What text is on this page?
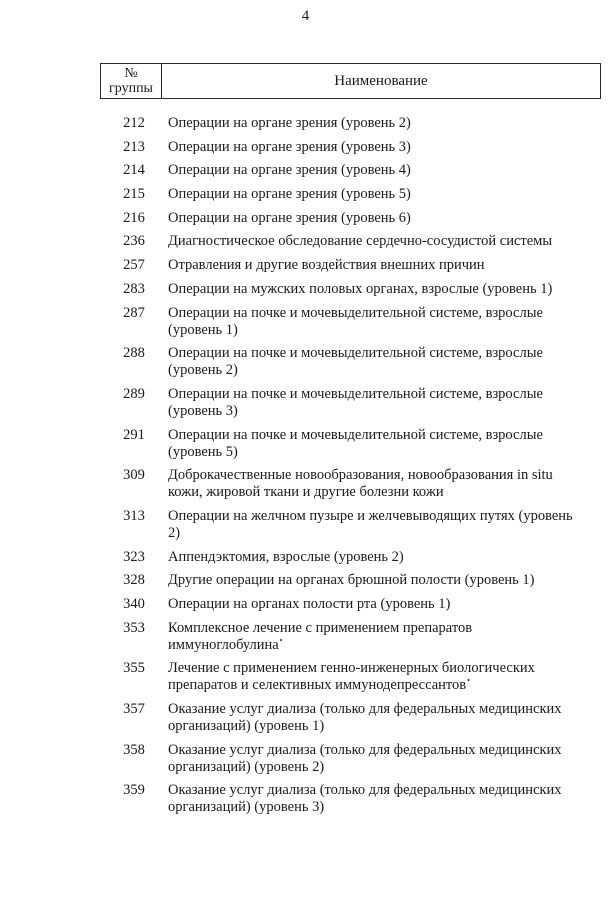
4
№
группы	Наименование
212	Операции на органе зрения (уровень 2)
213	Операции на органе зрения (уровень 3)
214	Операции на органе зрения (уровень 4)
215	Операции на органе зрения (уровень 5)
216	Операции на органе зрения (уровень 6)
236	Диагностическое обследование сердечно-сосудистой системы
257	Отравления и другие воздействия внешних причин
283	Операции на мужских половых органах, взрослые (уровень 1)
287	Операции на почке и мочевыделительной системе, взрослые (уровень 1)
288	Операции на почке и мочевыделительной системе, взрослые (уровень 2)
289	Операции на почке и мочевыделительной системе, взрослые (уровень 3)
291	Операции на почке и мочевыделительной системе, взрослые (уровень 5)
309	Доброкачественные новообразования, новообразования in situ кожи, жировой ткани и другие болезни кожи
313	Операции на желчном пузыре и желчевыводящих путях (уровень 2)
323	Аппендэктомия, взрослые (уровень 2)
328	Другие операции на органах брюшной полости (уровень 1)
340	Операции на органах полости рта (уровень 1)
353	Комплексное лечение с применением препаратов иммуноглобулина•
355	Лечение с применением генно-инженерных биологических препаратов и селективных иммунодепрессантов•
357	Оказание услуг диализа (только для федеральных медицинских организаций) (уровень 1)
358	Оказание услуг диализа (только для федеральных медицинских организаций) (уровень 2)
359	Оказание услуг диализа (только для федеральных медицинских организаций) (уровень 3)
